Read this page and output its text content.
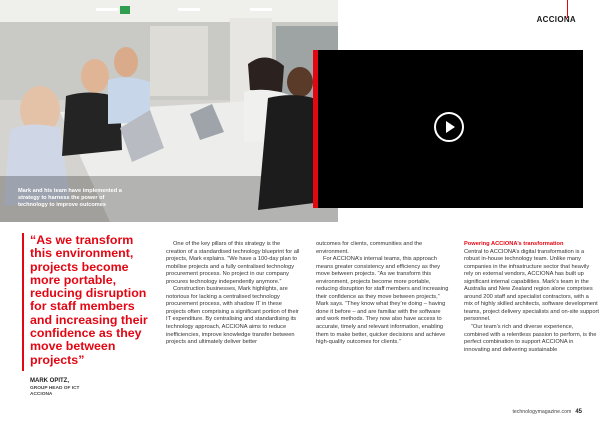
Mark and his team have implemented a strategy to harness the power of technology to improve outcomes
ACCIONA
“As we transform this environment, projects become more portable, reducing disruption for staff members and increasing their confidence as they move between projects”
MARK OPITZ,
GROUP HEAD OF ICT
ACCIONA

One of the key pillars of this strategy is the creation of a standardised technology blueprint for all projects, Mark explains. “We have a 100-day plan to mobilise projects and a fully centralised technology procurement process. No project in our company procures technology independently anymore.”

Construction businesses, Mark highlights, are notorious for lacking a centralised technology procurement process, with shadow IT in these projects often comprising a significant portion of their IT expenditure. By centralising and standardising its technology approach, ACCIONA aims to reduce inefficiencies, improve knowledge transfer between projects and ultimately deliver better

outcomes for clients, communities and the environment.

For ACCIONA’s internal teams, this approach means greater consistency and efficiency as they move between projects. “As we transform this environment, projects become more portable, reducing disruption for staff members and increasing their confidence as they move between projects,” Mark says. “They know what they’re doing – having done it before – and are familiar with the software and work methods. They now also have access to accurate, timely and relevant information, enabling them to make better, quicker decisions and achieve high-quality outcomes for clients.”

Powering ACCIONA’s transformation

Central to ACCIONA’s digital transformation is a robust in-house technology team. Unlike many companies in the infrastructure sector that heavily rely on external vendors, ACCIONA has built up significant internal capabilities. Mark’s team in the Australia and New Zealand region alone comprises around 200 staff and specialist contractors, with a mix of highly skilled architects, software development teams, project delivery specialists and on-site support personnel.

“Our team’s rich and diverse experience, combined with a relentless passion to perform, is the perfect combination to support ACCIONA in innovating and delivering sustainable

technologymagazine.com 45
